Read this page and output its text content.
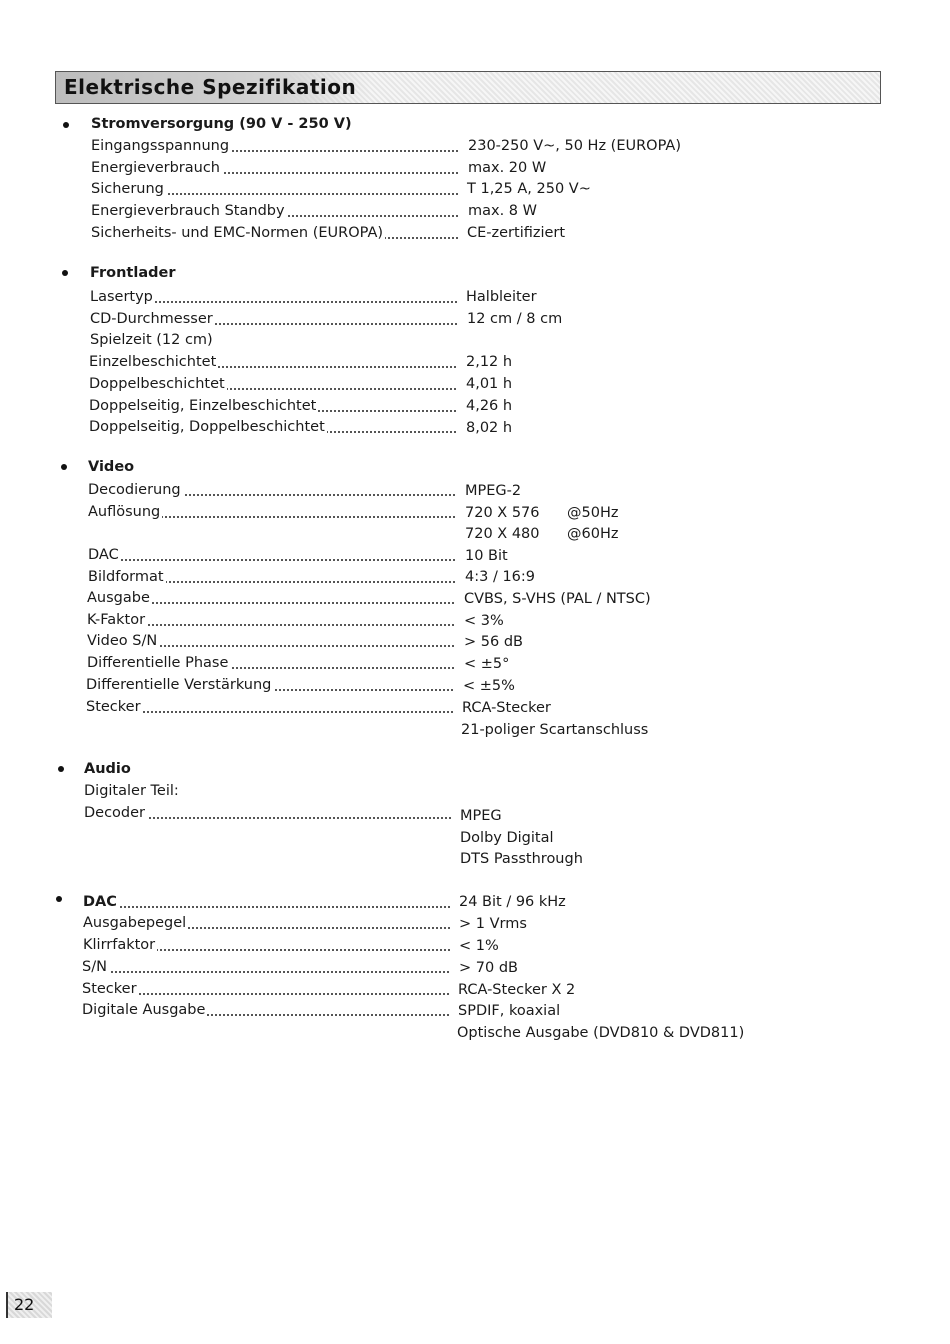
Elektrische Spezifikation
Stromversorgung (90 V - 250 V)
Eingangsspannung	230-250 V~, 50 Hz (EUROPA)
Energieverbrauch	max. 20 W
Sicherung	T 1,25 A, 250 V~
Energieverbrauch Standby	max. 8 W
Sicherheits- und EMC-Normen (EUROPA)	CE-zertifiziert
Frontlader
Lasertyp	Halbleiter
CD-Durchmesser	12 cm / 8 cm
Spielzeit (12 cm)
Einzelbeschichtet	2,12 h
Doppelbeschichtet	4,01 h
Doppelseitig, Einzelbeschichtet	4,26 h
Doppelseitig, Doppelbeschichtet	8,02 h
Video
Decodierung	MPEG-2
Auflösung	720 X 576 @50Hz
720 X 480 @60Hz
DAC	10 Bit
Bildformat	4:3 / 16:9
Ausgabe	CVBS, S-VHS (PAL / NTSC)
K-Faktor	< 3%
Video S/N	> 56 dB
Differentielle Phase	< ±5°
Differentielle Verstärkung	< ±5%
Stecker	RCA-Stecker
21-poliger Scartanschluss
Audio
Digitaler Teil:
Decoder	MPEG
Dolby Digital
DTS Passthrough
DAC	24 Bit / 96 kHz
Ausgabepegel	> 1 Vrms
Klirrfaktor	< 1%
S/N	> 70 dB
Stecker	RCA-Stecker X 2
Digitale Ausgabe	SPDIF, koaxial
Optische Ausgabe (DVD810 & DVD811)
22
